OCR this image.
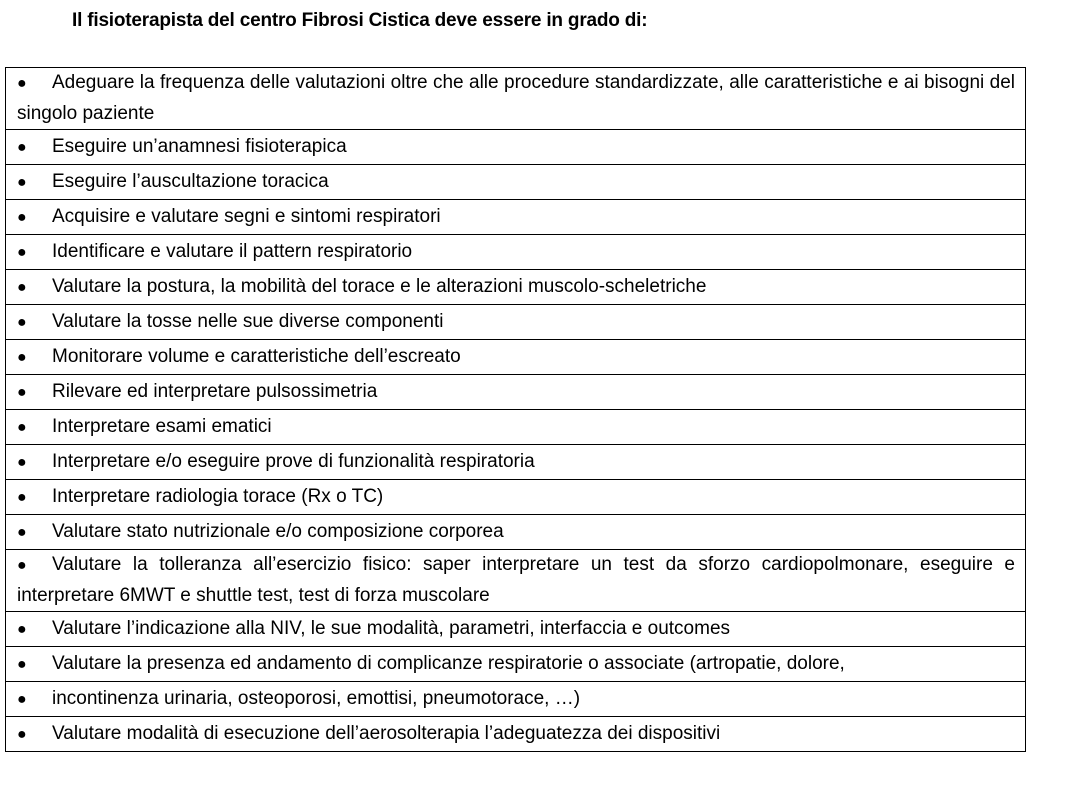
Il fisioterapista del centro Fibrosi Cistica deve essere in grado di:
● Adeguare la frequenza delle valutazioni oltre che alle procedure standardizzate, alle caratteristiche e ai bisogni del singolo paziente
● Eseguire un’anamnesi fisioterapica
● Eseguire l’auscultazione toracica
● Acquisire e valutare segni e sintomi respiratori
● Identificare e valutare il pattern respiratorio
● Valutare la postura, la mobilità del torace e le alterazioni muscolo-scheletriche
● Valutare la tosse nelle sue diverse componenti
● Monitorare volume e caratteristiche dell’escreato
● Rilevare ed interpretare pulsossimetria
● Interpretare esami ematici
● Interpretare e/o eseguire prove di funzionalità respiratoria
● Interpretare radiologia torace (Rx o TC)
● Valutare stato nutrizionale e/o composizione corporea
● Valutare la tolleranza all’esercizio fisico: saper interpretare un test da sforzo cardiopolmonare, eseguire e interpretare 6MWT e shuttle test, test di forza muscolare
● Valutare l’indicazione alla NIV, le sue modalità, parametri, interfaccia e outcomes
● Valutare la presenza ed andamento di complicanze respiratorie o associate (artropatie, dolore,
● incontinenza urinaria, osteoporosi, emottisi, pneumotorace, …)
● Valutare modalità di esecuzione dell’aerosolterapia l’adeguatezza dei dispositivi
